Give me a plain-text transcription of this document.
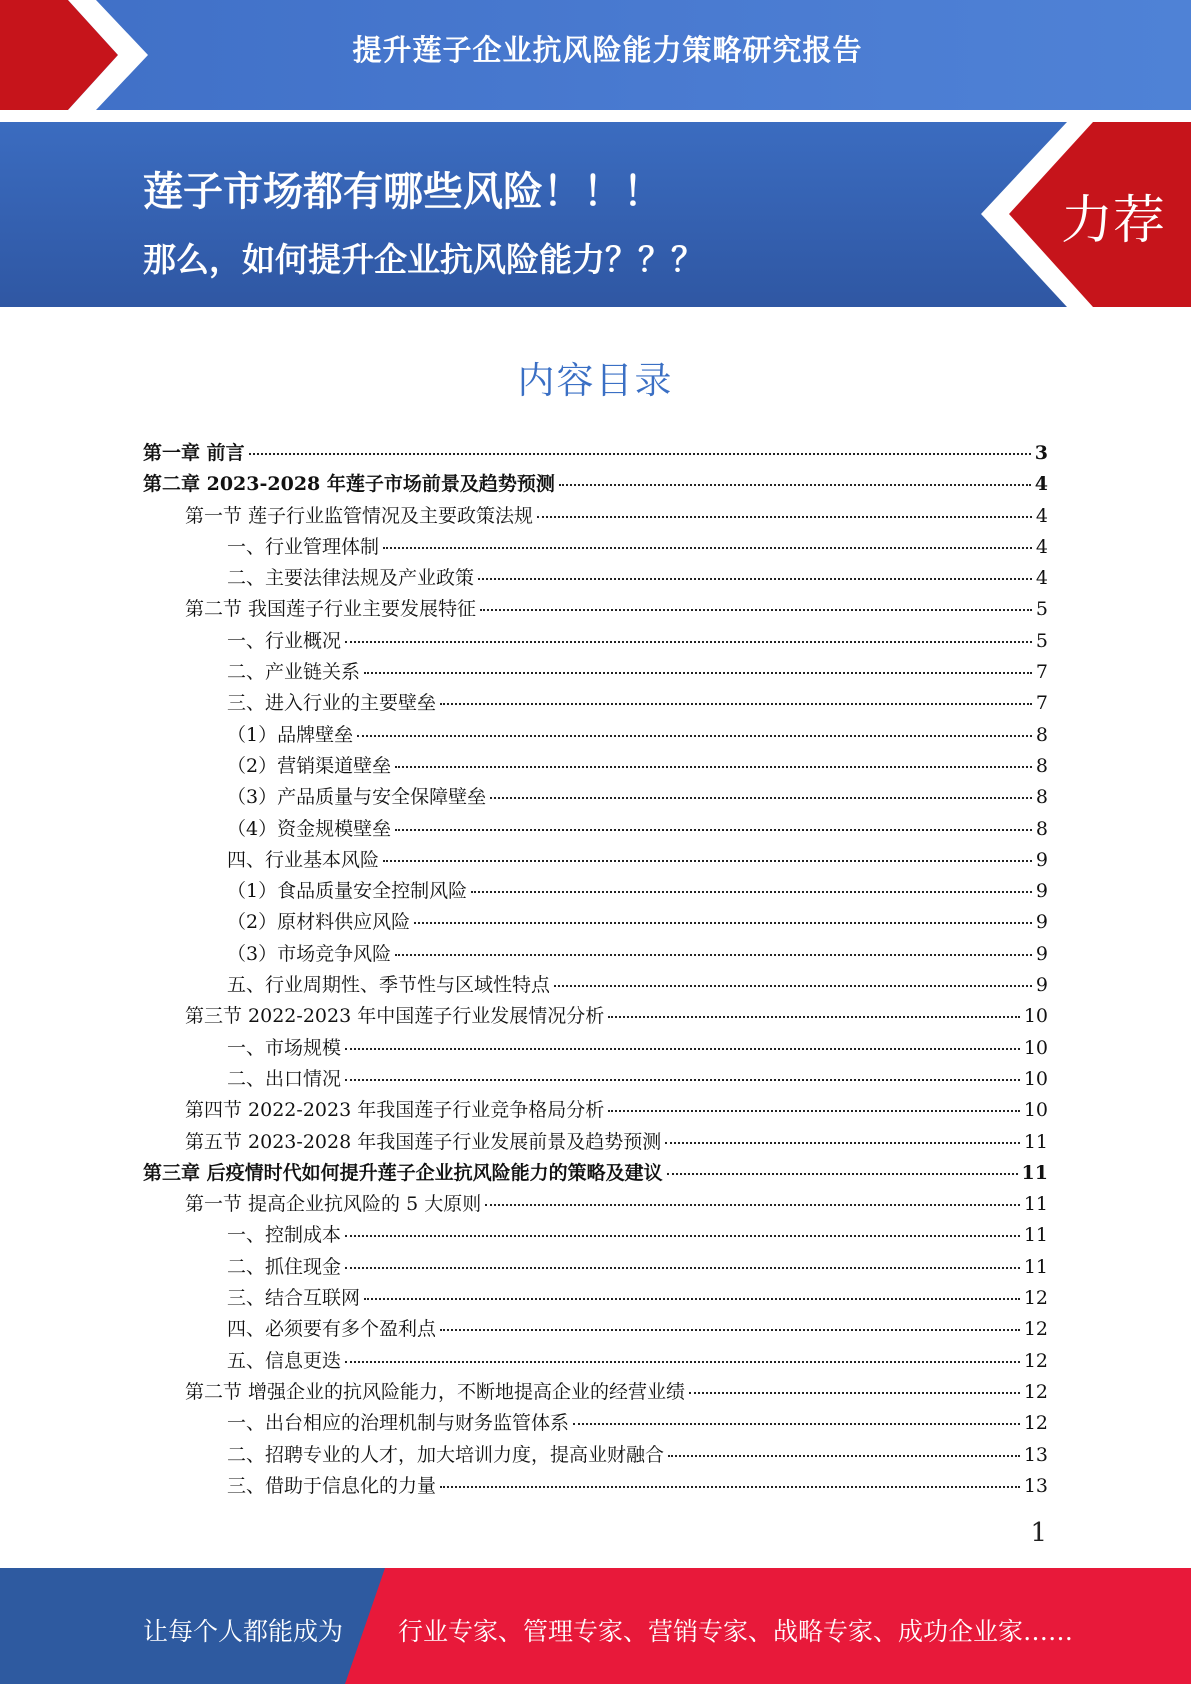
提升莲子企业抗风险能力策略研究报告
莲子市场都有哪些风险！！！
那么，如何提升企业抗风险能力？？？
力荐
内容目录
第一章 前言	3
第二章 2023-2028 年莲子市场前景及趋势预测	4
第一节 莲子行业监管情况及主要政策法规	4
一、行业管理体制	4
二、主要法律法规及产业政策	4
第二节 我国莲子行业主要发展特征	5
一、行业概况	5
二、产业链关系	7
三、进入行业的主要壁垒	7
（1）品牌壁垒	8
（2）营销渠道壁垒	8
（3）产品质量与安全保障壁垒	8
（4）资金规模壁垒	8
四、行业基本风险	9
（1）食品质量安全控制风险	9
（2）原材料供应风险	9
（3）市场竞争风险	9
五、行业周期性、季节性与区域性特点	9
第三节 2022-2023 年中国莲子行业发展情况分析	10
一、市场规模	10
二、出口情况	10
第四节 2022-2023 年我国莲子行业竞争格局分析	10
第五节 2023-2028 年我国莲子行业发展前景及趋势预测	11
第三章 后疫情时代如何提升莲子企业抗风险能力的策略及建议	11
第一节 提高企业抗风险的 5 大原则	11
一、控制成本	11
二、抓住现金	11
三、结合互联网	12
四、必须要有多个盈利点	12
五、信息更迭	12
第二节 增强企业的抗风险能力，不断地提高企业的经营业绩	12
一、出台相应的治理机制与财务监管体系	12
二、招聘专业的人才，加大培训力度，提高业财融合	13
三、借助于信息化的力量	13
1
让每个人都能成为 行业专家、管理专家、营销专家、战略专家、成功企业家……
